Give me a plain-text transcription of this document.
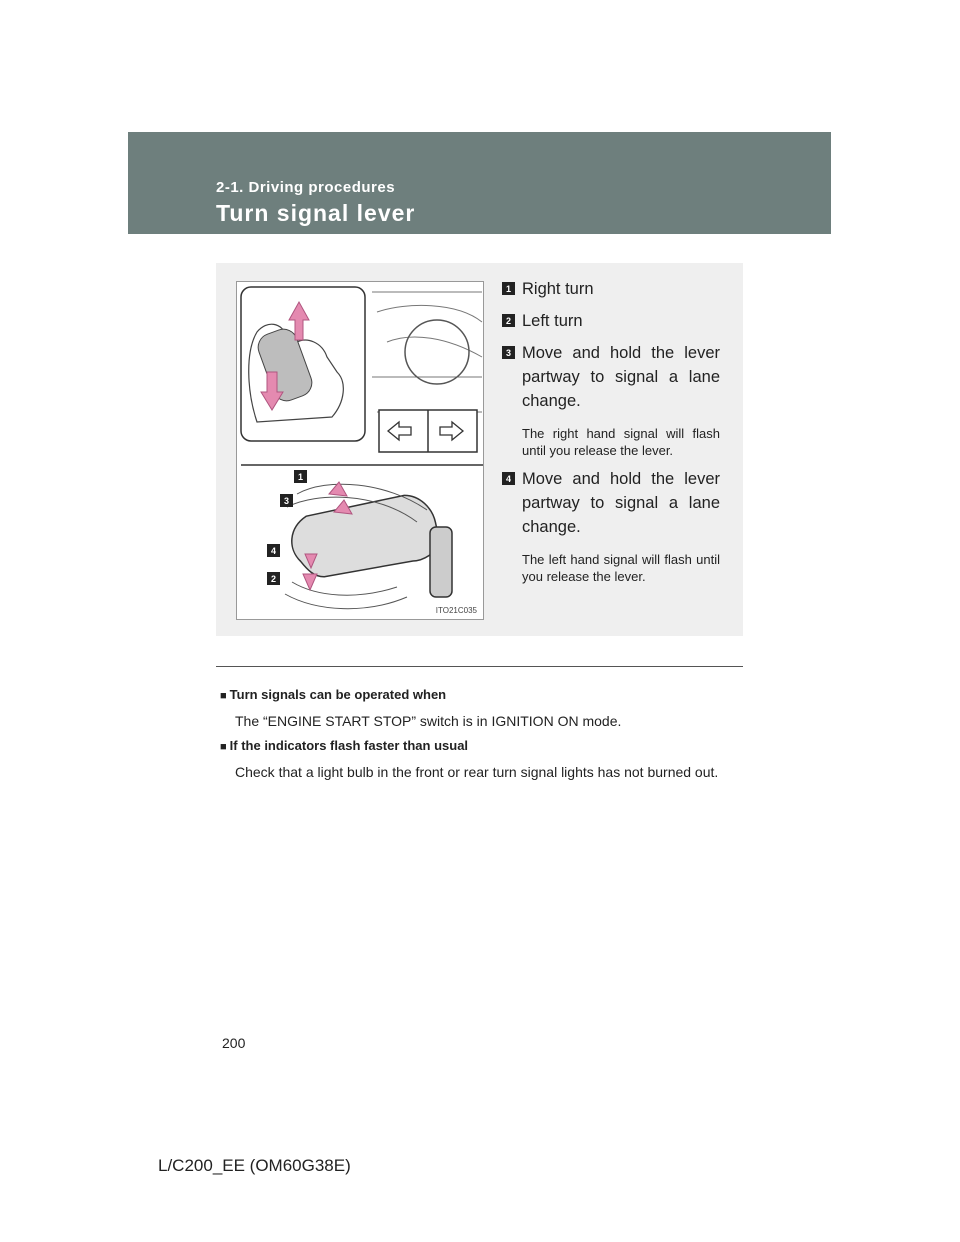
2-1. Driving procedures
Turn signal lever
1
3
4
2
ITO21C035
1 Right turn
2 Left turn
3 Move and hold the lever partway to signal a lane change.
The right hand signal will flash until you release the lever.
4 Move and hold the lever partway to signal a lane change.
The left hand signal will flash until you release the lever.
■ Turn signals can be operated when
The “ENGINE START STOP” switch is in IGNITION ON mode.
■ If the indicators flash faster than usual
Check that a light bulb in the front or rear turn signal lights has not burned out.
200
L/C200_EE (OM60G38E)
